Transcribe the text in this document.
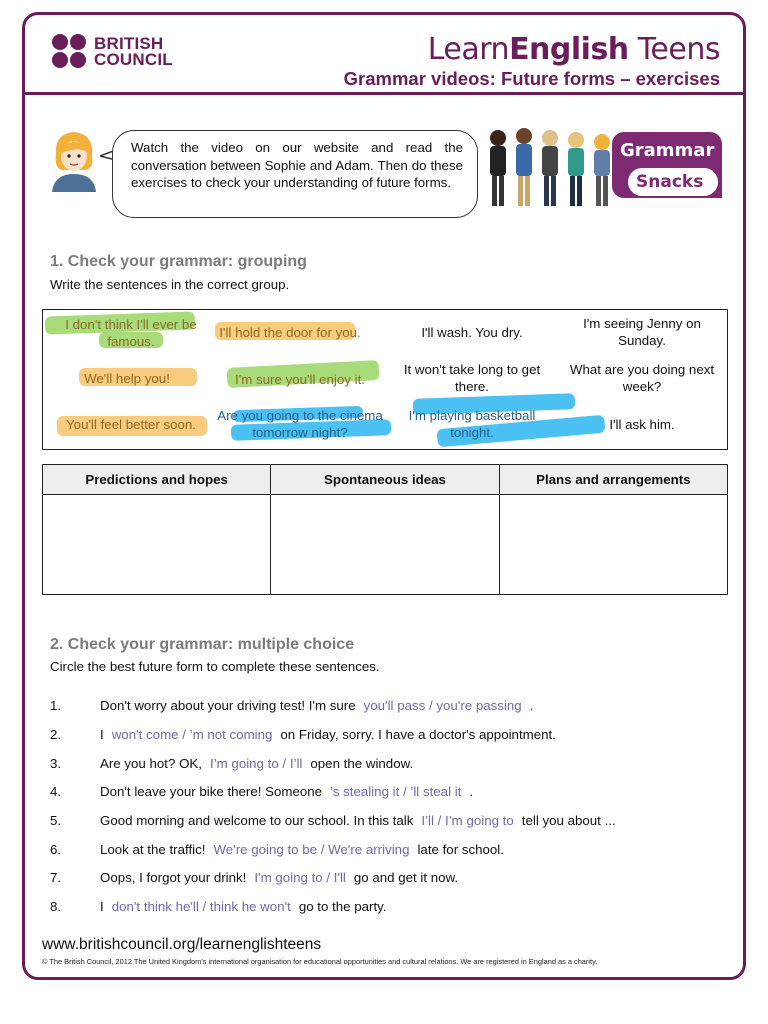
BRITISH
COUNCIL	LearnEnglish Teens
Grammar videos: Future forms – exercises
Watch the video on our website and read the conversation between Sophie and Adam. Then do these exercises to check your understanding of future forms.
Grammar
Snacks
1. Check your grammar: grouping
Write the sentences in the correct group.
I don't think I'll ever be famous.
I'll hold the door for you.	I'll wash. You dry.
I'm seeing Jenny on Sunday.
We'll help you!	I'm sure you'll enjoy it.
It won't take long to get there.
What are you doing next week?
You'll feel better soon.
Are you going to the cinema tomorrow night?
I'm playing basketball tonight.
I'll ask him.
Predictions and hopes	Spontaneous ideas	Plans and arrangements

2. Check your grammar: multiple choice
Circle the best future form to complete these sentences.
1.	Don't worry about your driving test! I'm sure you'll pass / you're passing .
2.	I won't come / ’m not coming on Friday, sorry. I have a doctor's appointment.
3.	Are you hot? OK, I’m going to / I’ll open the window.
4.	Don't leave your bike there! Someone ’s stealing it / ’ll steal it .
5.	Good morning and welcome to our school. In this talk I’ll / I’m going to tell you about ...
6.	Look at the traffic! We're going to be / We're arriving late for school.
7.	Oops, I forgot your drink! I'm going to / I'll go and get it now.
8.	I don't think he'll / think he won't go to the party.
www.britishcouncil.org/learnenglishteens
© The British Council, 2012 The United Kingdom’s international organisation for educational opportunities and cultural relations. We are registered in England as a charity.
